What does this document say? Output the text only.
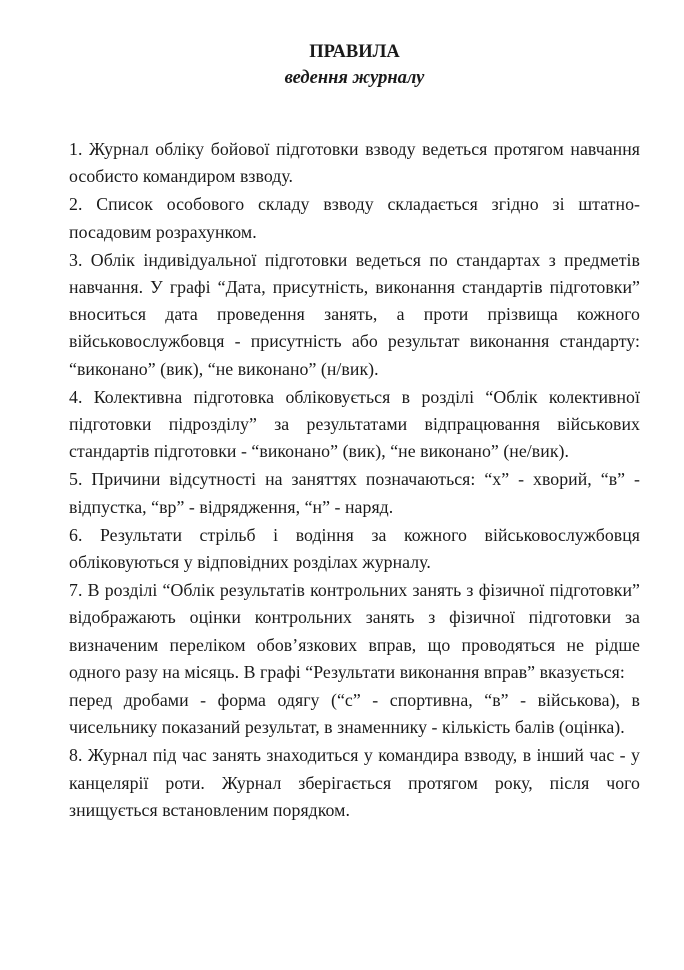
ПРАВИЛА
ведення журналу

1. Журнал обліку бойової підготовки взводу ведеться протягом навчання особисто командиром взводу.

2. Список особового складу взводу складається згідно зі штатно-посадовим розрахунком.

3. Облік індивідуальної підготовки ведеться по стандартах з предметів навчання. У графі “Дата, присутність, виконання стандартів підготовки” вноситься дата проведення занять, а проти прізвища кожного військовослужбовця - присутність або результат виконання стандарту: “виконано” (вик), “не виконано” (н/вик).

4. Колективна підготовка обліковується в розділі “Облік колективної підготовки підрозділу” за результатами відпрацювання військових стандартів підготовки - “виконано” (вик), “не виконано” (не/вик).

5. Причини відсутності на заняттях позначаються: “х” - хворий, “в” - відпустка, “вр” - відрядження, “н” - наряд.

6. Результати стрільб і водіння за кожного військовослужбовця обліковуються у відповідних розділах журналу.

7. В розділі “Облік результатів контрольних занять з фізичної підготовки” відображають оцінки контрольних занять з фізичної підготовки за визначеним переліком обов’язкових вправ, що проводяться не рідше одного разу на місяць. В графі “Результати виконання вправ” вказується:

перед дробами - форма одягу (“с” - спортивна, “в” - військова), в чисельнику показаний результат, в знаменнику - кількість балів (оцінка).

8. Журнал під час занять знаходиться у командира взводу, в інший час - у канцелярії роти. Журнал зберігається протягом року, після чого знищується встановленим порядком.
